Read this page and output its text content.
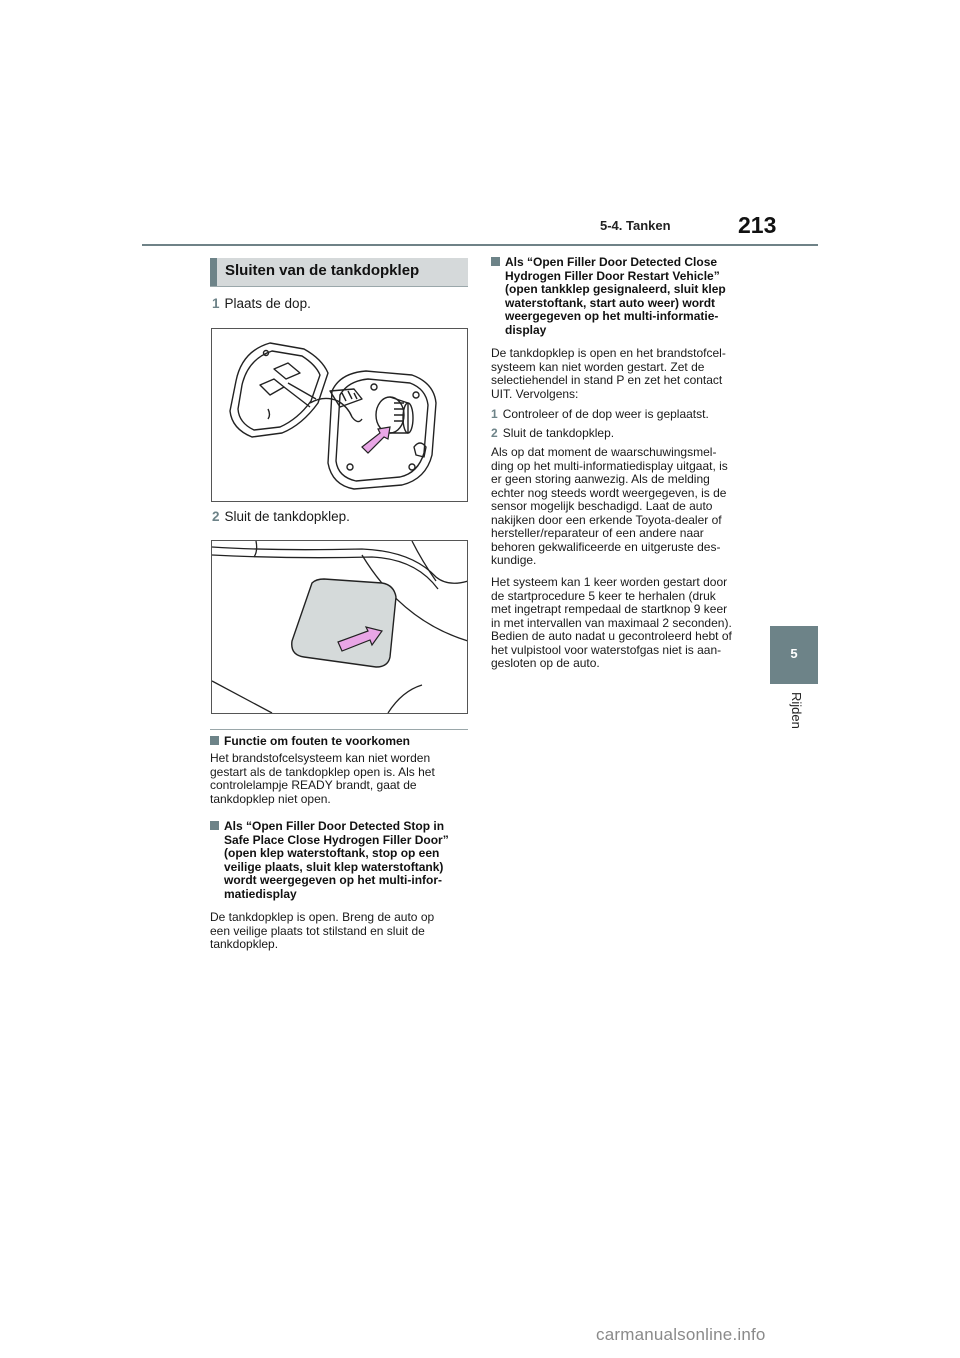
5-4. Tanken	213
5
Rijden
Sluiten van de tankdopklep
1 Plaats de dop.
2 Sluit de tankdopklep.
Functie om fouten te voorkomen

Het brandstofcelsysteem kan niet worden

gestart als de tankdopklep open is. Als het

controlelampje READY brandt, gaat de

tankdopklep niet open.

Als “Open Filler Door Detected Stop in

Safe Place Close Hydrogen Filler Door”

(open klep waterstoftank, stop op een

veilige plaats, sluit klep waterstoftank)

wordt weergegeven op het multi-infor-

matiedisplay

De tankdopklep is open. Breng de auto op

een veilige plaats tot stilstand en sluit de

tankdopklep.

Als “Open Filler Door Detected Close

Hydrogen Filler Door Restart Vehicle”

(open tankklep gesignaleerd, sluit klep

waterstoftank, start auto weer) wordt

weergegeven op het multi-informatie-

display

De tankdopklep is open en het brandstofcel-

systeem kan niet worden gestart. Zet de

selectiehendel in stand P en zet het contact

UIT. Vervolgens:

1 Controleer of de dop weer is geplaatst.
2 Sluit de tankdopklep.

Als op dat moment de waarschuwingsmel-

ding op het multi-informatiedisplay uitgaat, is

er geen storing aanwezig. Als de melding

echter nog steeds wordt weergegeven, is de

sensor mogelijk beschadigd. Laat de auto

nakijken door een erkende Toyota-dealer of

hersteller/reparateur of een andere naar

behoren gekwalificeerde en uitgeruste des-

kundige.

Het systeem kan 1 keer worden gestart door

de startprocedure 5 keer te herhalen (druk

met ingetrapt rempedaal de startknop 9 keer

in met intervallen van maximaal 2 seconden).

Bedien de auto nadat u gecontroleerd hebt of

het vulpistool voor waterstofgas niet is aan-

gesloten op de auto.

carmanualsonline.info
